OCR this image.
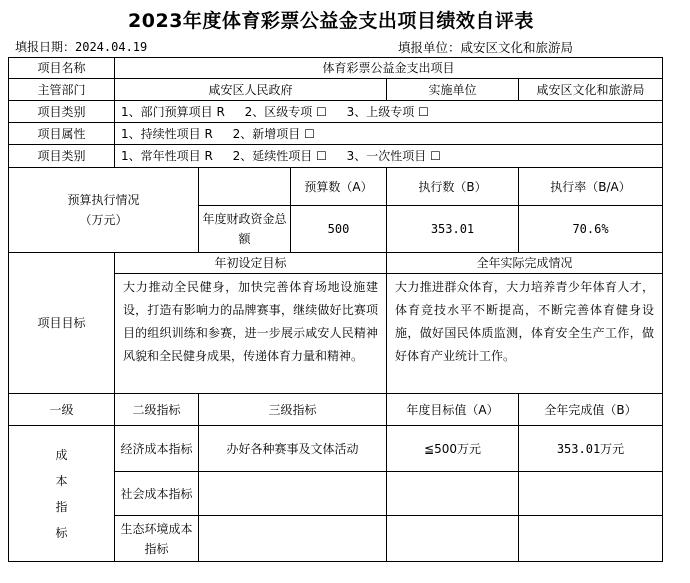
2023年度体育彩票公益金支出项目绩效自评表
填报日期：2024.04.19	填报单位：咸安区文化和旅游局
项目名称	体育彩票公益金支出项目				
主管部门	咸安区人民政府			实施单位	咸安区文化和旅游局
项目类别	1、部门预算项目 R 2、区级专项 ☐ 3、上级专项 ☐				
项目属性	1、持续性项目 R 2、新增项目 ☐				
项目类别	1、常年性项目 R 2、延续性项目 ☐ 3、一次性项目 ☐				

预算执行情况
（万元）			预算数（A）	执行数（B）	执行率（B/A）
		年度财政资金总额	500	353.01	70.6%
项目目标	年初设定目标			全年实际完成情况	
	大力推动全民健身，加快完善体育场地设施建设，打造有影响力的品牌赛事，继续做好比赛项目的组织训练和参赛，进一步展示咸安人民精神风貌和全民健身成果，传递体育力量和精神。			大力推进群众体育，大力培养青少年体育人才，体育竞技水平不断提高，不断完善体育健身设施，做好国民体质监测，体育安全生产工作，做好体育产业统计工作。	
一级	二级指标	三级指标		年度目标值（A）	全年完成值（B）

成
本
指
标	经济成本指标	办好各种赛事及文体活动		≦500万元	353.01万元
	社会成本指标				
	生态环境成本指标				
